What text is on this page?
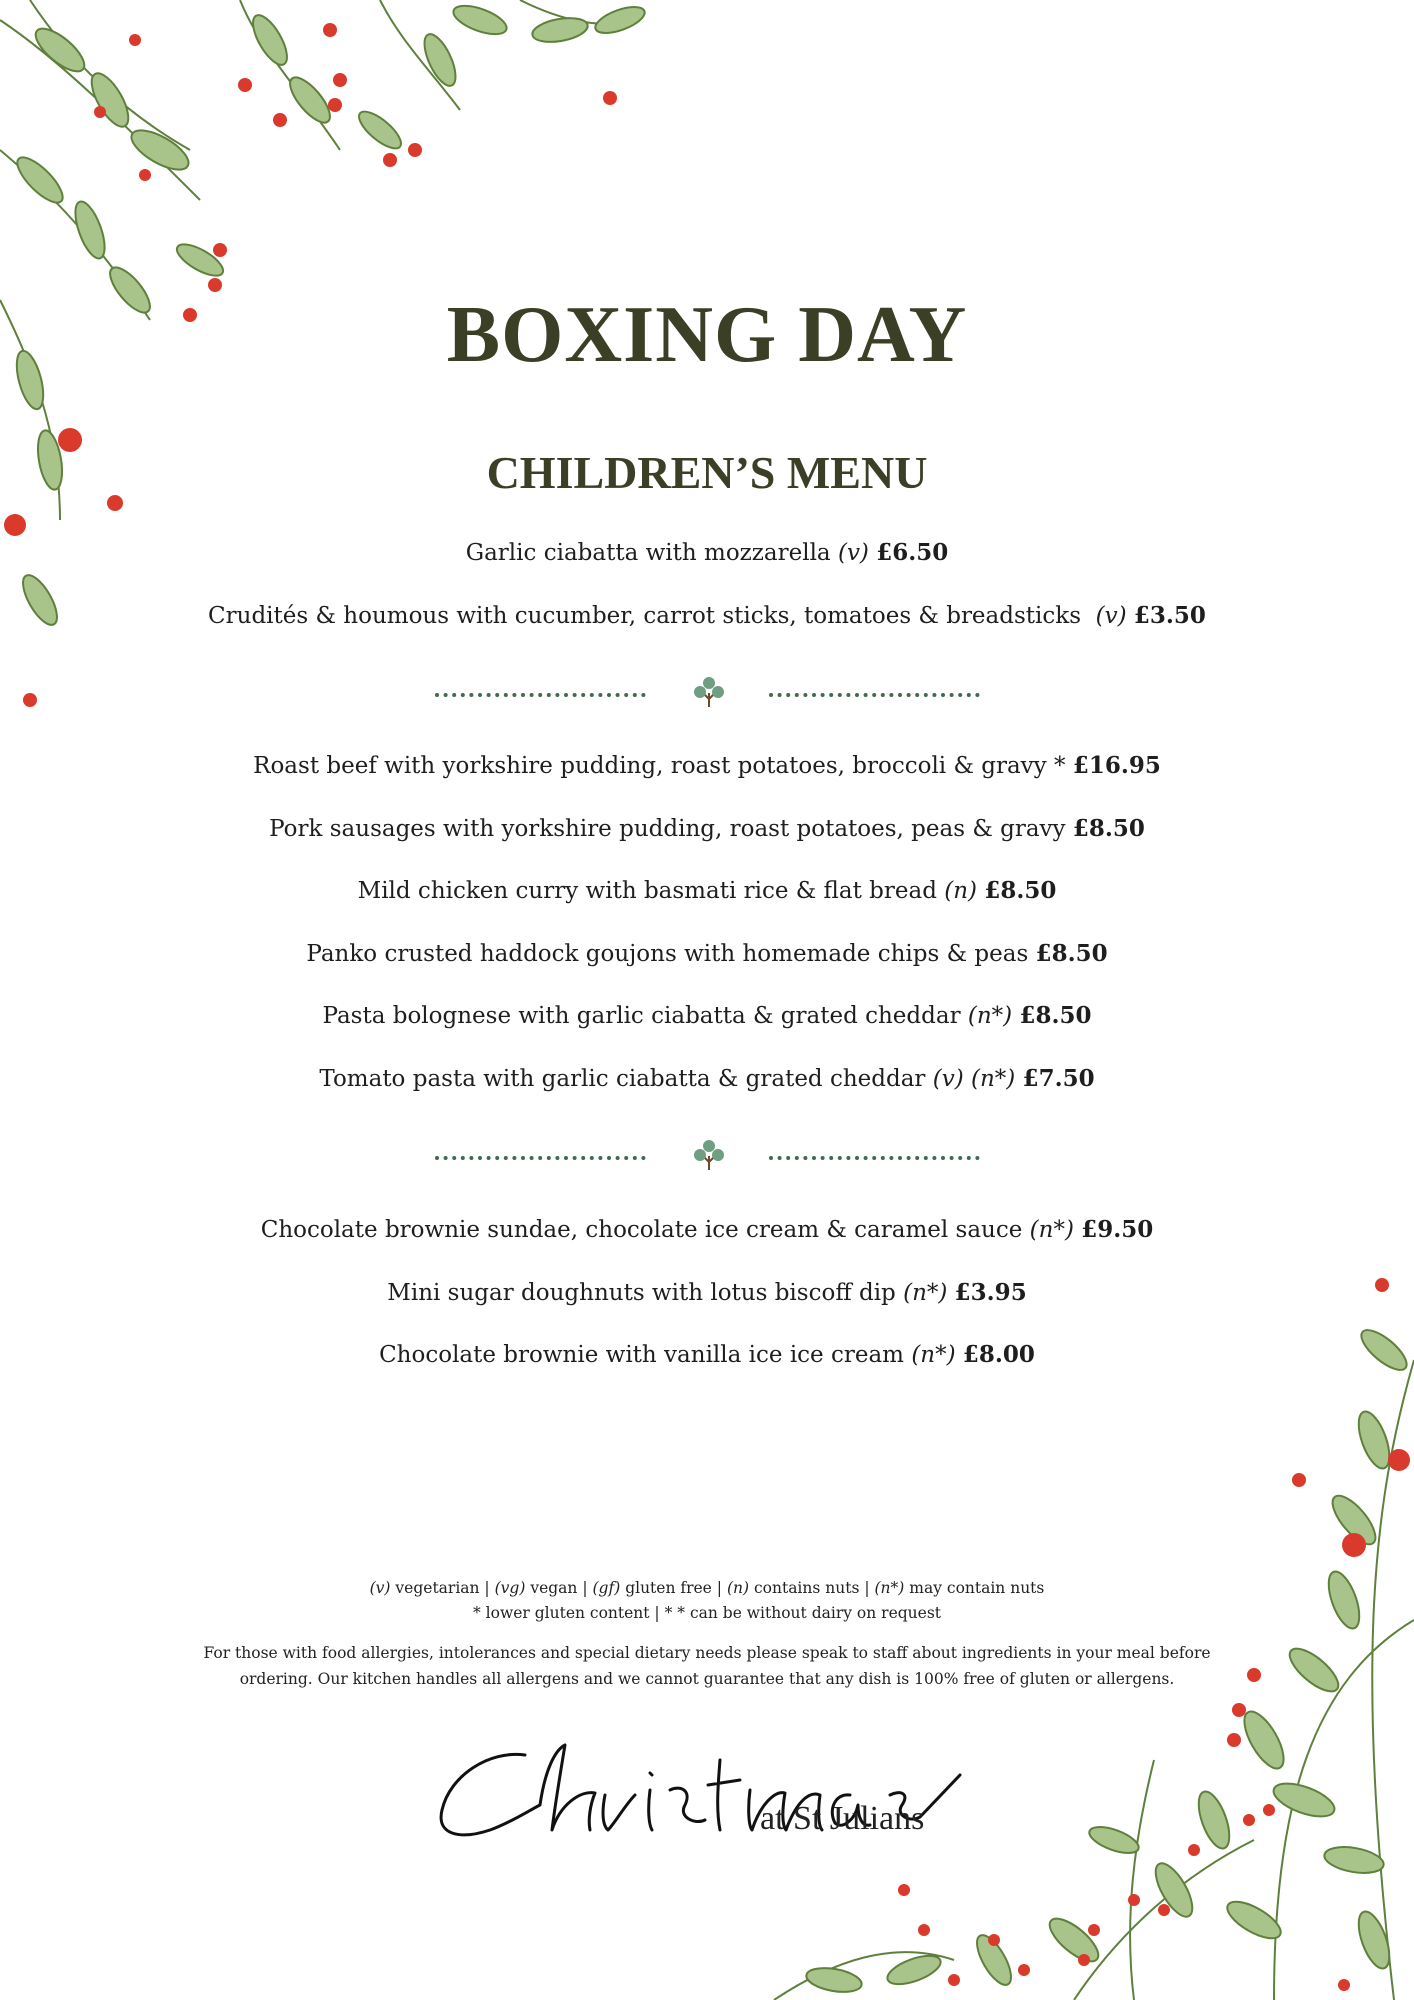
BOXING DAY
CHILDREN’S MENU
Garlic ciabatta with mozzarella (v) £6.50
Crudités & houmous with cucumber, carrot sticks, tomatoes & breadsticks (v) £3.50
Roast beef with yorkshire pudding, roast potatoes, broccoli & gravy * £16.95
Pork sausages with yorkshire pudding, roast potatoes, peas & gravy £8.50
Mild chicken curry with basmati rice & flat bread (n) £8.50
Panko crusted haddock goujons with homemade chips & peas £8.50
Pasta bolognese with garlic ciabatta & grated cheddar (n*) £8.50
Tomato pasta with garlic ciabatta & grated cheddar (v) (n*) £7.50
Chocolate brownie sundae, chocolate ice cream & caramel sauce (n*) £9.50
Mini sugar doughnuts with lotus biscoff dip (n*) £3.95
Chocolate brownie with vanilla ice ice cream (n*) £8.00
(v) vegetarian | (vg) vegan | (gf) gluten free | (n) contains nuts | (n*) may contain nuts
* lower gluten content | * * can be without dairy on request
For those with food allergies, intolerances and special dietary needs please speak to staff about ingredients in your meal before
ordering. Our kitchen handles all allergens and we cannot guarantee that any dish is 100% free of gluten or allergens.
at St Julians
